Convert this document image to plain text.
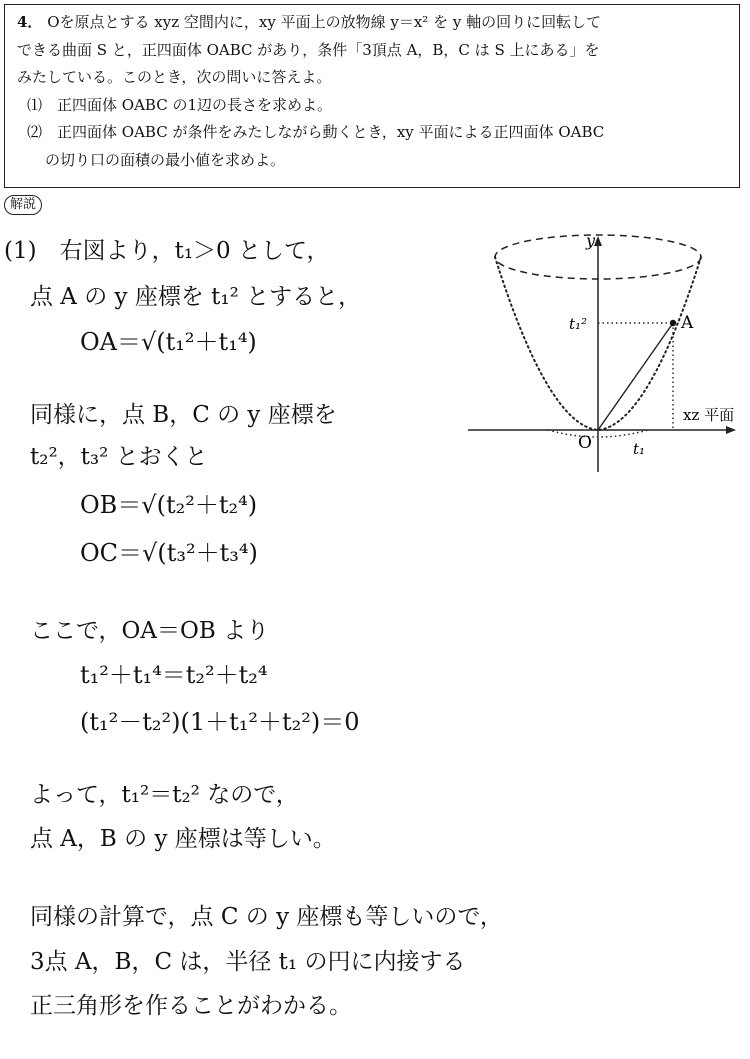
4． Oを原点とする xyz 空間内に，xy 平面上の放物線 y＝x² を y 軸の回りに回転して

できる曲面 S と，正四面体 OABC があり，条件「3頂点 A，B，C は S 上にある」を

みたしている。このとき，次の問いに答えよ。

⑴　正四面体 OABC の1辺の長さを求めよ。

⑵　正四面体 OABC が条件をみたしながら動くとき，xy 平面による正四面体 OABC

の切り口の面積の最小値を求めよ。

解説

(1)　右図より，t₁＞0 として，

点 A の y 座標を t₁² とすると，

OA＝√(t₁²＋t₁⁴)

同様に，点 B，C の y 座標を

t₂²，t₃² とおくと

OB＝√(t₂²＋t₂⁴)

OC＝√(t₃²＋t₃⁴)

ここで，OA＝OB より

t₁²＋t₁⁴＝t₂²＋t₂⁴

(t₁²－t₂²)(1＋t₁²＋t₂²)＝0

よって，t₁²＝t₂² なので，

点 A，B の y 座標は等しい。

同様の計算で，点 C の y 座標も等しいので，

3点 A，B，C は，半径 t₁ の円に内接する

正三角形を作ることがわかる。

y
A
t₁²
O	t₁
xz 平面
